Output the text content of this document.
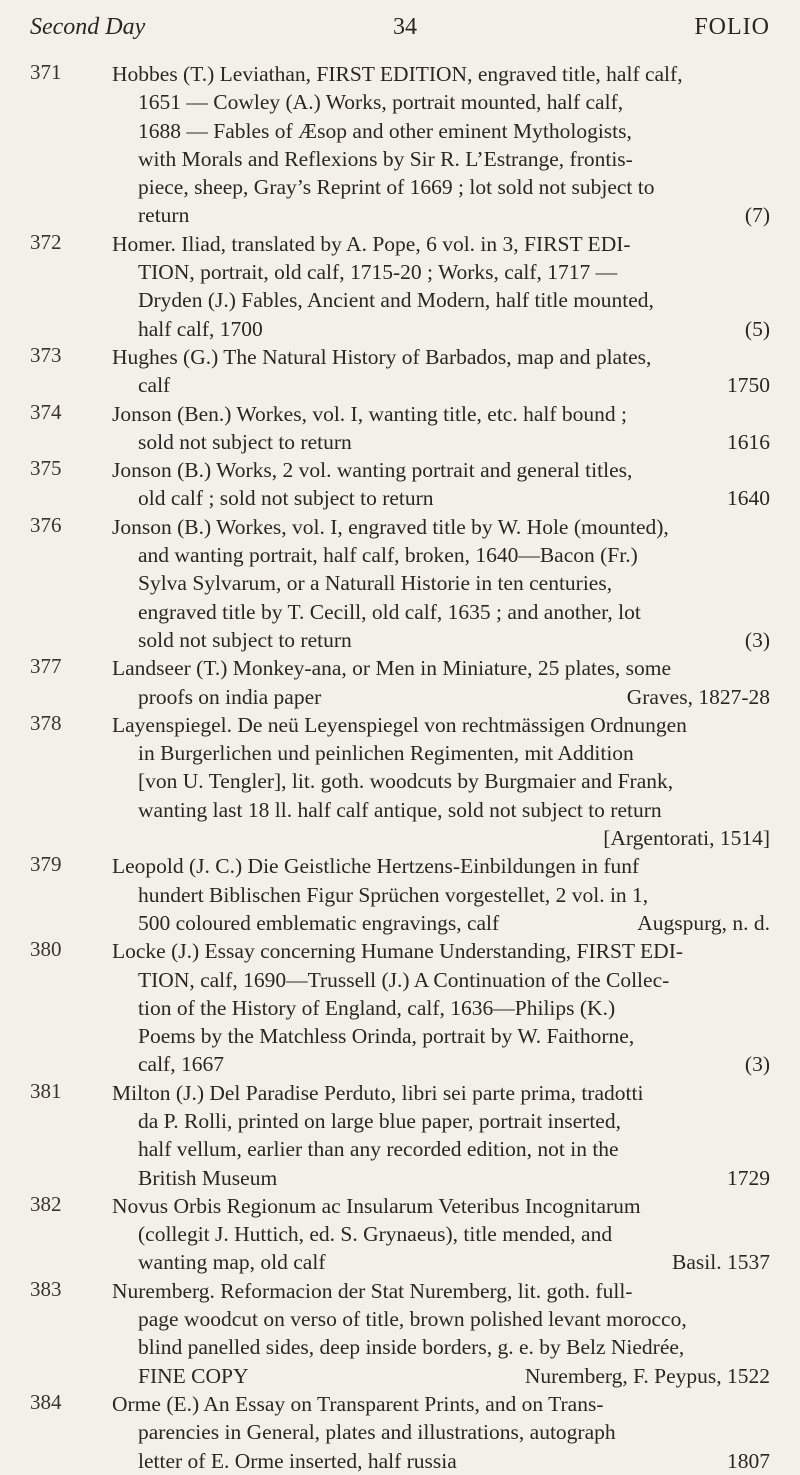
Second Day	34	FOLIO
371	Hobbes (T.) Leviathan, FIRST EDITION, engraved title, half calf,
1651 — Cowley (A.) Works, portrait mounted, half calf,
1688 — Fables of Æsop and other eminent Mythologists,
with Morals and Reflexions by Sir R. L’Estrange, frontis-
piece, sheep, Gray’s Reprint of 1669 ; lot sold not subject to
return	(7)
372	Homer. Iliad, translated by A. Pope, 6 vol. in 3, FIRST EDI-
TION, portrait, old calf, 1715-20 ; Works, calf, 1717 —
Dryden (J.) Fables, Ancient and Modern, half title mounted,
half calf, 1700	(5)
373	Hughes (G.) The Natural History of Barbados, map and plates,
calf	1750
374	Jonson (Ben.) Workes, vol. I, wanting title, etc. half bound ;
sold not subject to return	1616
375	Jonson (B.) Works, 2 vol. wanting portrait and general titles,
old calf ; sold not subject to return	1640
376	Jonson (B.) Workes, vol. I, engraved title by W. Hole (mounted),
and wanting portrait, half calf, broken, 1640—Bacon (Fr.)
Sylva Sylvarum, or a Naturall Historie in ten centuries,
engraved title by T. Cecill, old calf, 1635 ; and another, lot
sold not subject to return	(3)
377	Landseer (T.) Monkey-ana, or Men in Miniature, 25 plates, some
proofs on india paper	Graves, 1827-28
378	Layenspiegel. De neü Leyenspiegel von rechtmässigen Ordnungen
in Burgerlichen und peinlichen Regimenten, mit Addition
[von U. Tengler], lit. goth. woodcuts by Burgmaier and Frank,
wanting last 18 ll. half calf antique, sold not subject to return
[Argentorati, 1514]
379	Leopold (J. C.) Die Geistliche Hertzens-Einbildungen in funf
hundert Biblischen Figur Sprüchen vorgestellet, 2 vol. in 1,
500 coloured emblematic engravings, calf	Augspurg, n. d.
380	Locke (J.) Essay concerning Humane Understanding, FIRST EDI-
TION, calf, 1690—Trussell (J.) A Continuation of the Collec-
tion of the History of England, calf, 1636—Philips (K.)
Poems by the Matchless Orinda, portrait by W. Faithorne,
calf, 1667	(3)
381	Milton (J.) Del Paradise Perduto, libri sei parte prima, tradotti
da P. Rolli, printed on large blue paper, portrait inserted,
half vellum, earlier than any recorded edition, not in the
British Museum	1729
382	Novus Orbis Regionum ac Insularum Veteribus Incognitarum
(collegit J. Huttich, ed. S. Grynaeus), title mended, and
wanting map, old calf	Basil. 1537
383	Nuremberg. Reformacion der Stat Nuremberg, lit. goth. full-
page woodcut on verso of title, brown polished levant morocco,
blind panelled sides, deep inside borders, g. e. by Belz Niedrée,
FINE COPY	Nuremberg, F. Peypus, 1522
384	Orme (E.) An Essay on Transparent Prints, and on Trans-
parencies in General, plates and illustrations, autograph
letter of E. Orme inserted, half russia	1807
